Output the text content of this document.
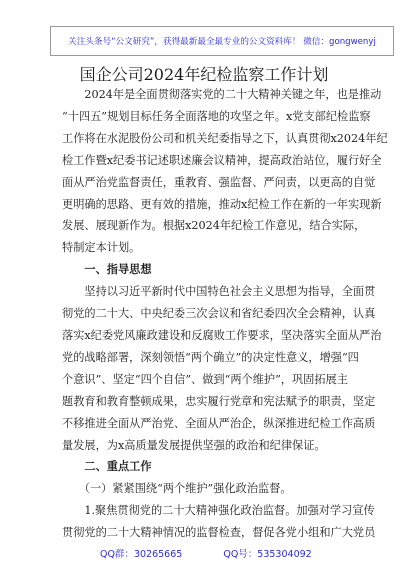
关注头条号“公文研究”，获得最新最全最专业的公文资料库！ 微信：gongwenyj
国企公司2024年纪检监察工作计划

　　2024年是全面贯彻落实党的二十大精神关键之年，也是推动

“十四五”规划目标任务全面落地的攻坚之年。x党支部纪检监察

工作将在水泥股份公司和机关纪委指导之下，认真贯彻x2024年纪

检工作暨x纪委书记述职述廉会议精神，提高政治站位，履行好全

面从严治党监督责任，重教育、强监督、严问责，以更高的自觉

更明确的思路、更有效的措施，推动x纪检工作在新的一年实现新

发展、展现新作为。根据x2024年纪检工作意见，结合实际，

特制定本计划。

　　一、指导思想

　　坚持以习近平新时代中国特色社会主义思想为指导，全面贯

彻党的二十大、中央纪委三次会议和省纪委四次全会精神，认真

落实x纪委党风廉政建设和反腐败工作要求，坚决落实全面从严治

党的战略部署，深刻领悟“两个确立”的决定性意义，增强“四

个意识”、坚定“四个自信”、做到“两个维护”，巩固拓展主

题教育和教育整顿成果，忠实履行党章和宪法赋予的职责，坚定

不移推进全面从严治党、全面从严治企，纵深推进纪检工作高质

量发展，为x高质量发展提供坚强的政治和纪律保证。

　　二、重点工作

　　（一）紧紧围绕“两个维护”强化政治监督。

　　1.聚焦贯彻党的二十大精神强化政治监督。加强对学习宣传

贯彻党的二十大精神情况的监督检查，督促各党小组和广大党员

QQ群：30265665	QQ号：535304092
